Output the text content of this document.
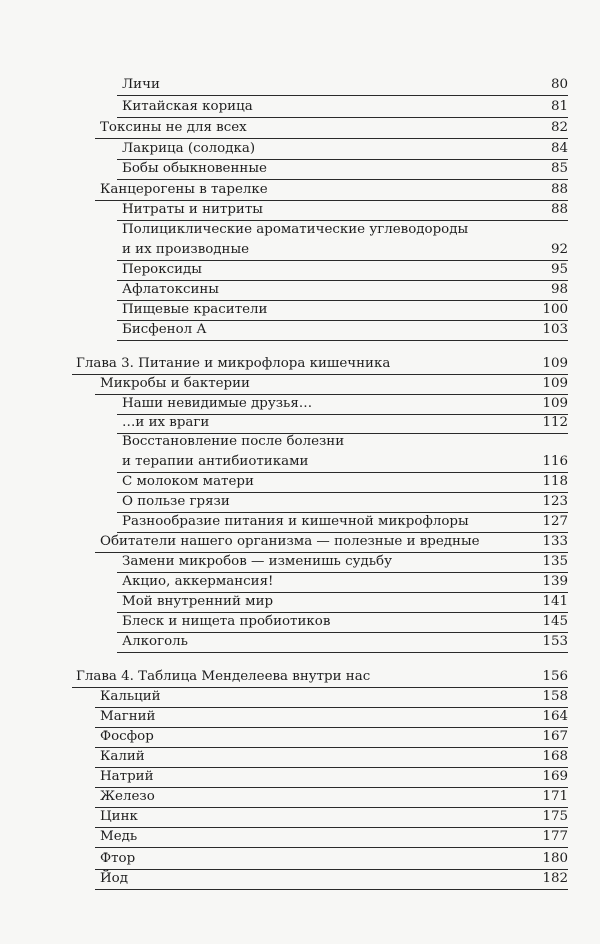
Личи	80
Китайская корица	81
Токсины не для всех	82
Лакрица (солодка)	84
Бобы обыкновенные	85
Канцерогены в тарелке	88
Нитраты и нитриты	88
Полициклические ароматические углеводороды
и их производные	92
Пероксиды	95
Афлатоксины	98
Пищевые красители	100
Бисфенол А	103
Глава 3. Питание и микрофлора кишечника	109
Микробы и бактерии	109
Наши невидимые друзья…	109
…и их враги	112
Восстановление после болезни
и терапии антибиотиками	116
С молоком матери	118
О пользе грязи	123
Разнообразие питания и кишечной микрофлоры	127
Обитатели нашего организма — полезные и вредные	133
Замени микробов — изменишь судьбу	135
Акцио, аккермансия!	139
Мой внутренний мир	141
Блеск и нищета пробиотиков	145
Алкоголь	153
Глава 4. Таблица Менделеева внутри нас	156
Кальций	158
Магний	164
Фосфор	167
Калий	168
Натрий	169
Железо	171
Цинк	175
Медь	177
Фтор	180
Йод	182
